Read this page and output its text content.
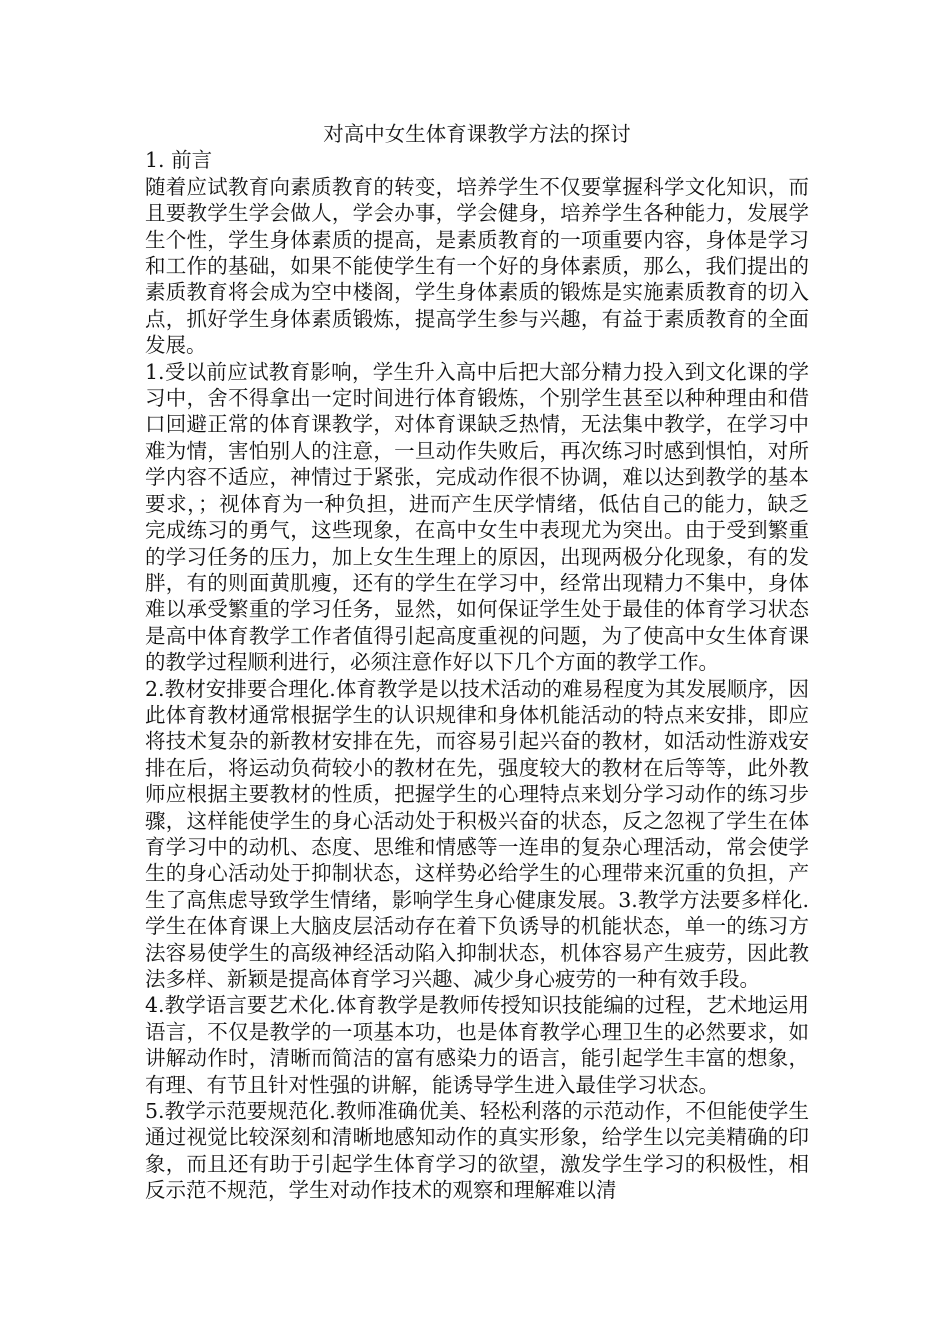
对高中女生体育课教学方法的探讨
1. 前言

随着应试教育向素质教育的转变，培养学生不仅要掌握科学文化知识，而且要教学生学会做人，学会办事，学会健身，培养学生各种能力，发展学生个性，学生身体素质的提高，是素质教育的一项重要内容，身体是学习和工作的基础，如果不能使学生有一个好的身体素质，那么，我们提出的素质教育将会成为空中楼阁，学生身体素质的锻炼是实施素质教育的切入点，抓好学生身体素质锻炼，提高学生参与兴趣，有益于素质教育的全面发展。

1.受以前应试教育影响，学生升入高中后把大部分精力投入到文化课的学习中，舍不得拿出一定时间进行体育锻炼，个别学生甚至以种种理由和借口回避正常的体育课教学，对体育课缺乏热情，无法集中教学，在学习中难为情，害怕别人的注意，一旦动作失败后，再次练习时感到惧怕，对所学内容不适应，神情过于紧张，完成动作很不协调，难以达到教学的基本要求，；视体育为一种负担，进而产生厌学情绪，低估自己的能力，缺乏完成练习的勇气，这些现象，在高中女生中表现尤为突出。由于受到繁重的学习任务的压力，加上女生生理上的原因，出现两极分化现象，有的发胖，有的则面黄肌瘦，还有的学生在学习中，经常出现精力不集中，身体难以承受繁重的学习任务，显然，如何保证学生处于最佳的体育学习状态是高中体育教学工作者值得引起高度重视的问题，为了使高中女生体育课的教学过程顺利进行，必须注意作好以下几个方面的教学工作。

2.教材安排要合理化.体育教学是以技术活动的难易程度为其发展顺序，因此体育教材通常根据学生的认识规律和身体机能活动的特点来安排，即应将技术复杂的新教材安排在先，而容易引起兴奋的教材，如活动性游戏安排在后，将运动负荷较小的教材在先，强度较大的教材在后等等，此外教师应根据主要教材的性质，把握学生的心理特点来划分学习动作的练习步骤，这样能使学生的身心活动处于积极兴奋的状态，反之忽视了学生在体育学习中的动机、态度、思维和情感等一连串的复杂心理活动，常会使学生的身心活动处于抑制状态，这样势必给学生的心理带来沉重的负担，产生了高焦虑导致学生情绪，影响学生身心健康发展。3.教学方法要多样化.学生在体育课上大脑皮层活动存在着下负诱导的机能状态，单一的练习方法容易使学生的高级神经活动陷入抑制状态，机体容易产生疲劳，因此教法多样、新颖是提高体育学习兴趣、减少身心疲劳的一种有效手段。

4.教学语言要艺术化.体育教学是教师传授知识技能编的过程，艺术地运用语言，不仅是教学的一项基本功，也是体育教学心理卫生的必然要求，如讲解动作时，清晰而简洁的富有感染力的语言，能引起学生丰富的想象，有理、有节且针对性强的讲解，能诱导学生进入最佳学习状态。

5.教学示范要规范化.教师准确优美、轻松利落的示范动作，不但能使学生通过视觉比较深刻和清晰地感知动作的真实形象，给学生以完美精确的印象，而且还有助于引起学生体育学习的欲望，激发学生学习的积极性，相反示范不规范，学生对动作技术的观察和理解难以清
